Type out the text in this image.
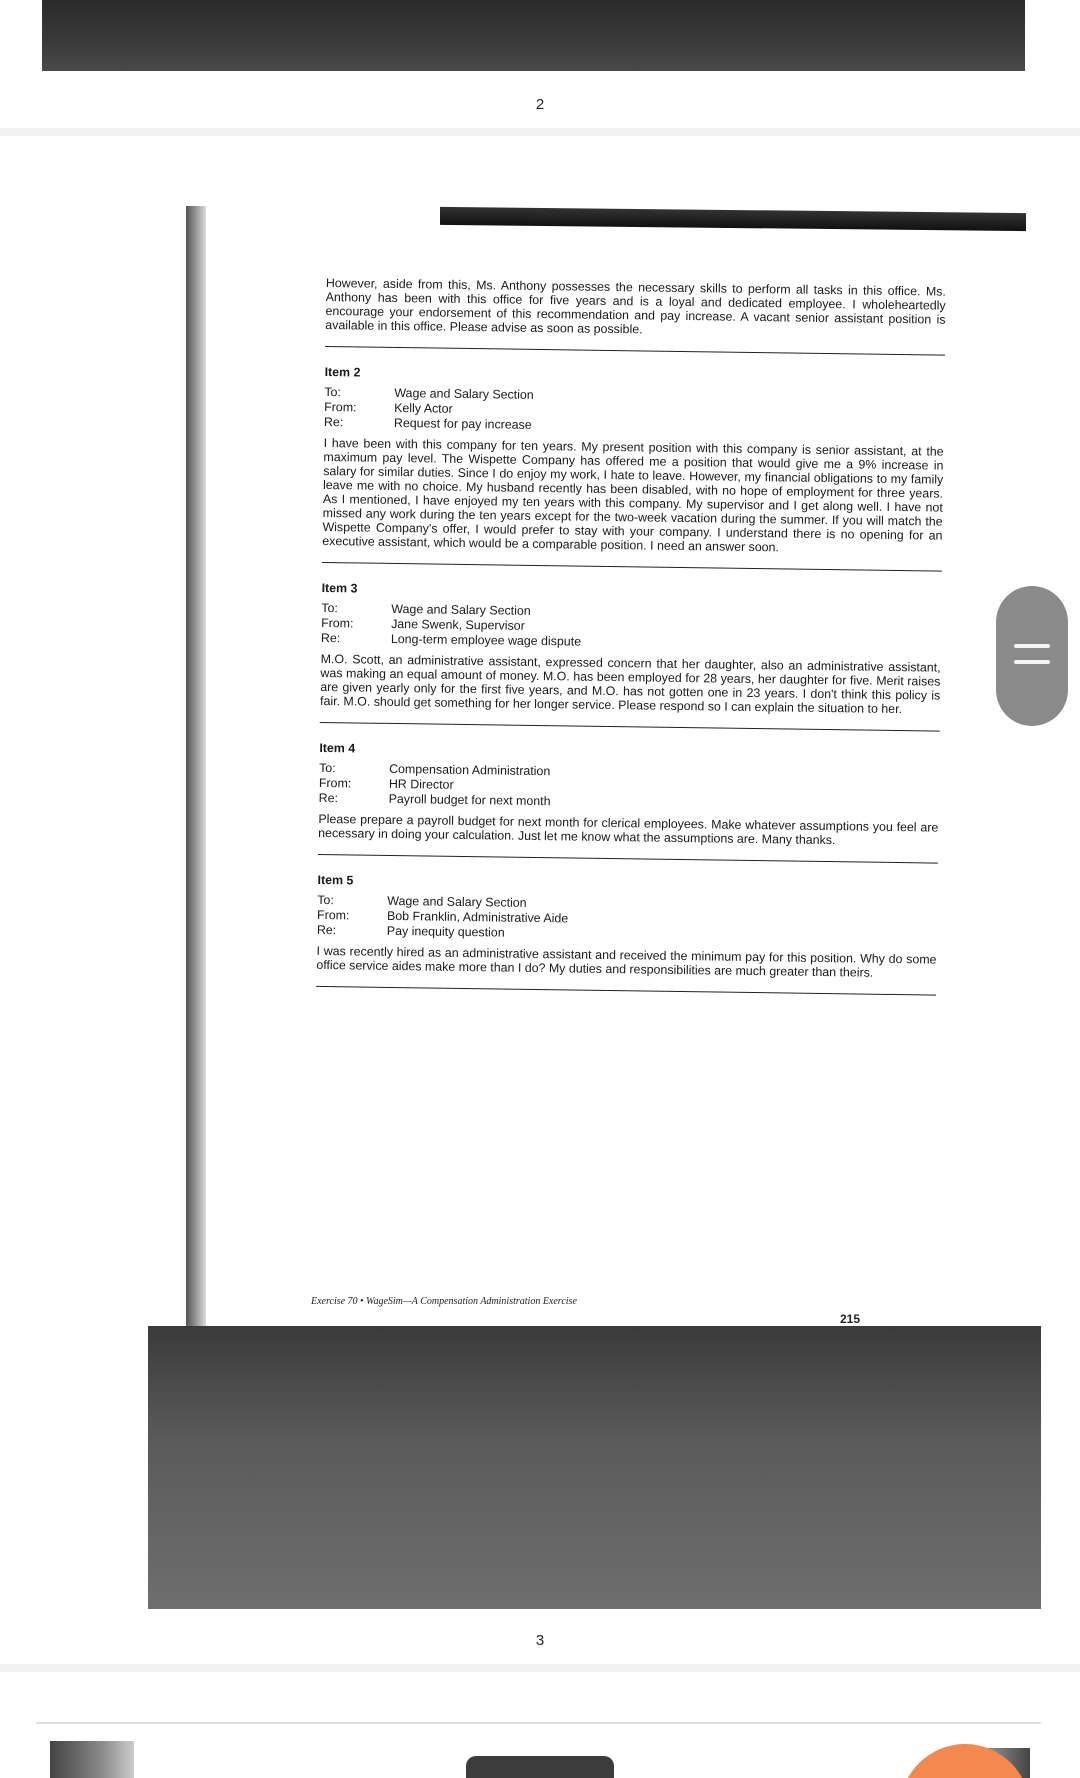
2

However, aside from this, Ms. Anthony possesses the necessary skills to perform all tasks in this office. Ms. Anthony has been with this office for five years and is a loyal and dedicated employee. I wholeheartedly encourage your endorsement of this recommendation and pay increase. A vacant senior assistant position is available in this office. Please advise as soon as possible.

Item 2
To:	Wage and Salary Section
From:	Kelly Actor
Re:	Request for pay increase

I have been with this company for ten years. My present position with this company is senior assistant, at the maximum pay level. The Wispette Company has offered me a position that would give me a 9% increase in salary for similar duties. Since I do enjoy my work, I hate to leave. However, my financial obligations to my family leave me with no choice. My husband recently has been disabled, with no hope of employment for three years. As I mentioned, I have enjoyed my ten years with this company. My supervisor and I get along well. I have not missed any work during the ten years except for the two-week vacation during the summer. If you will match the Wispette Company's offer, I would prefer to stay with your company. I understand there is no opening for an executive assistant, which would be a comparable position. I need an answer soon.

Item 3
To:	Wage and Salary Section
From:	Jane Swenk, Supervisor
Re:	Long-term employee wage dispute

M.O. Scott, an administrative assistant, expressed concern that her daughter, also an administrative assistant, was making an equal amount of money. M.O. has been employed for 28 years, her daughter for five. Merit raises are given yearly only for the first five years, and M.O. has not gotten one in 23 years. I don't think this policy is fair. M.O. should get something for her longer service. Please respond so I can explain the situation to her.

Item 4
To:	Compensation Administration
From:	HR Director
Re:	Payroll budget for next month

Please prepare a payroll budget for next month for clerical employees. Make whatever assumptions you feel are necessary in doing your calculation. Just let me know what the assumptions are. Many thanks.

Item 5
To:	Wage and Salary Section
From:	Bob Franklin, Administrative Aide
Re:	Pay inequity question

I was recently hired as an administrative assistant and received the minimum pay for this position. Why do some office service aides make more than I do? My duties and responsibilities are much greater than theirs.

Exercise 70 • WageSim—A Compensation Administration Exercise
215
3
